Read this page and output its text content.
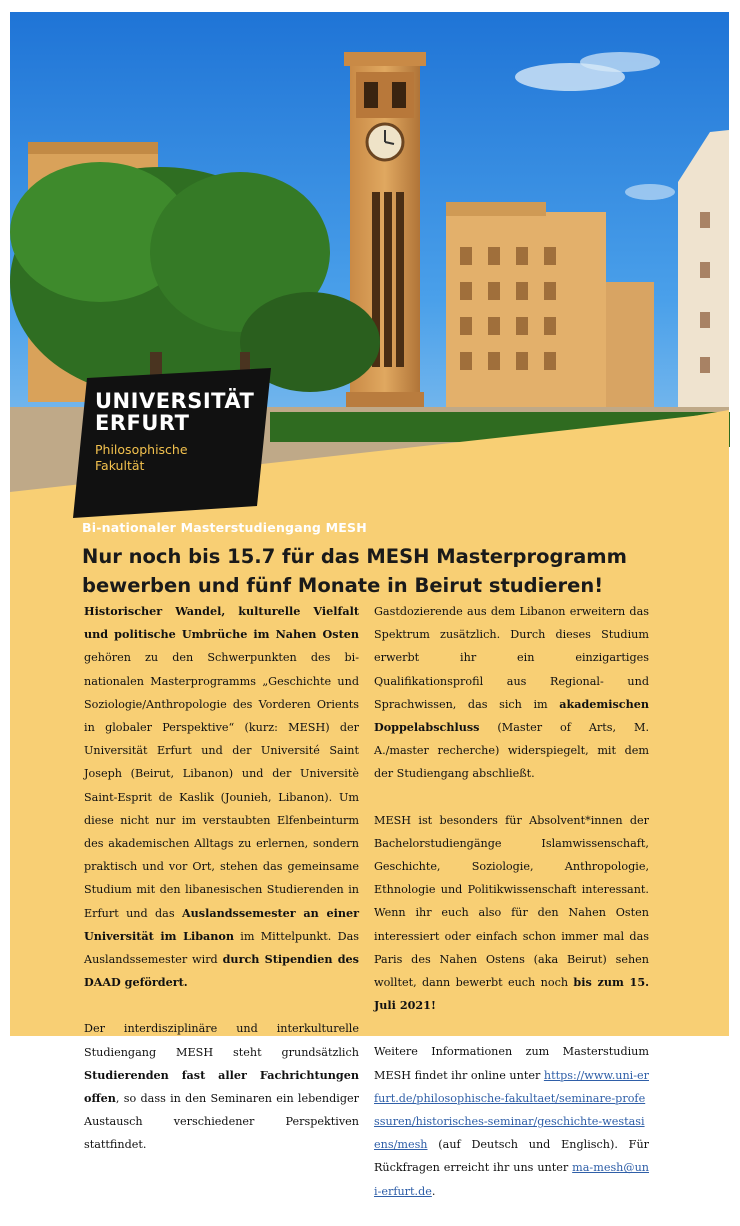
UNIVERSITÄT
ERFURT
Philosophische
Fakultät
Bi-nationaler Masterstudiengang MESH
Nur noch bis 15.7 für das MESH Masterprogramm bewerben und fünf Monate in Beirut studieren!

Historischer Wandel, kulturelle Vielfalt und politische Umbrüche im Nahen Osten gehören zu den Schwerpunkten des bi-nationalen Masterprogramms „Geschichte und Soziologie/Anthropologie des Vorderen Orients in globaler Perspektive“ (kurz: MESH) der Universität Erfurt und der Université Saint Joseph (Beirut, Libanon) und der Universitè Saint-Esprit de Kaslik (Jounieh, Libanon). Um diese nicht nur im verstaubten Elfenbeinturm des akademischen Alltags zu erlernen, sondern praktisch und vor Ort, stehen das gemeinsame Studium mit den libanesischen Studierenden in Erfurt und das Auslandssemester an einer Universität im Libanon im Mittelpunkt. Das Auslandssemester wird durch Stipendien des DAAD gefördert.

Der interdisziplinäre und interkulturelle Studiengang MESH steht grundsätzlich Studierenden fast aller Fachrichtungen offen, so dass in den Seminaren ein lebendiger Austausch verschiedener Perspektiven stattfindet.

Gastdozierende aus dem Libanon erweitern das Spektrum zusätzlich. Durch dieses Studium erwerbt ihr ein einzigartiges Qualifikationsprofil aus Regional- und Sprachwissen, das sich im akademischen Doppelabschluss (Master of Arts, M. A./master recherche) widerspiegelt, mit dem der Studiengang abschließt.

MESH ist besonders für Absolvent*innen der Bachelorstudiengänge Islamwissenschaft, Geschichte, Soziologie, Anthropologie, Ethnologie und Politikwissenschaft interessant. Wenn ihr euch also für den Nahen Osten interessiert oder einfach schon immer mal das Paris des Nahen Ostens (aka Beirut) sehen wolltet, dann bewerbt euch noch bis zum 15. Juli 2021!

Weitere Informationen zum Masterstudium MESH findet ihr online unter https://www.uni-erfurt.de/philosophische-fakultaet/seminare-professuren/historisches-seminar/geschichte-westasiens/mesh (auf Deutsch und Englisch). Für Rückfragen erreicht ihr uns unter ma-mesh@uni-erfurt.de.
